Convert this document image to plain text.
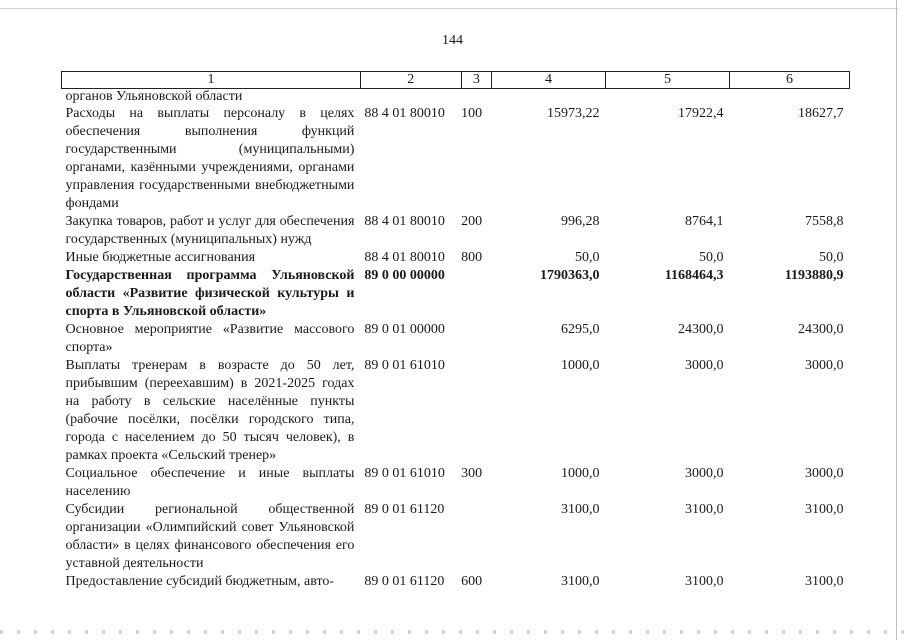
144
1	2	3	4	5	6
органов Ульяновской области					
Расходы на выплаты персоналу в целях обеспечения выполнения функций государственными (муниципальными) органами, казёнными учреждениями, органами управления государственными внебюджетными фондами	88 4 01 80010	100	15973,22	17922,4	18627,7
Закупка товаров, работ и услуг для обеспечения государственных (муниципальных) нужд	88 4 01 80010	200	996,28	8764,1	7558,8
Иные бюджетные ассигнования	88 4 01 80010	800	50,0	50,0	50,0
Государственная программа Ульяновской области «Развитие физической культуры и спорта в Ульяновской области»	89 0 00 00000		1790363,0	1168464,3	1193880,9
Основное мероприятие «Развитие массового спорта»	89 0 01 00000		6295,0	24300,0	24300,0
Выплаты тренерам в возрасте до 50 лет, прибывшим (переехавшим) в 2021-2025 годах на работу в сельские населённые пункты (рабочие посёлки, посёлки городского типа, города с населением до 50 тысяч человек), в рамках проекта «Сельский тренер»	89 0 01 61010		1000,0	3000,0	3000,0
Социальное обеспечение и иные выплаты населению	89 0 01 61010	300	1000,0	3000,0	3000,0
Субсидии региональной общественной организации «Олимпийский совет Ульяновской области» в целях финансового обеспечения его уставной деятельности	89 0 01 61120		3100,0	3100,0	3100,0
Предоставление субсидий бюджетным, авто-	89 0 01 61120	600	3100,0	3100,0	3100,0
